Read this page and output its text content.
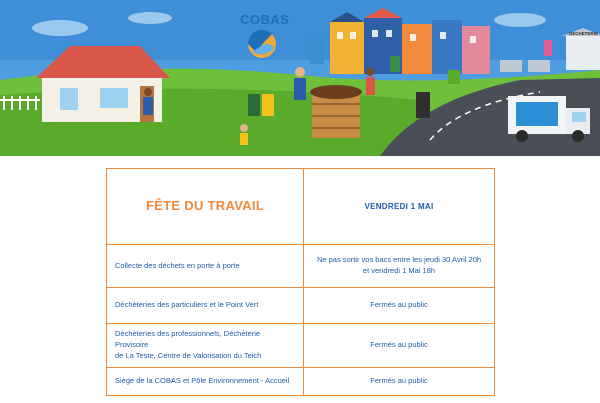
COBAS
DÉCHETERIE
FÊTE DU TRAVAIL	VENDREDI 1 MAI
Collecte des déchets en porte à porte	Ne pas sortir vos bacs entre les jeudi 30 Avril 20h
et vendredi 1 Mai 18h
Déchèteries des particuliers et le Point Vert	Fermés au public
Déchèteries des professionnels, Déchèterie Provisoire
de La Teste, Centre de Valorisation du Teich	Fermés au public
Siège de la COBAS et Pôle Environnement - Accueil	Fermés au public
